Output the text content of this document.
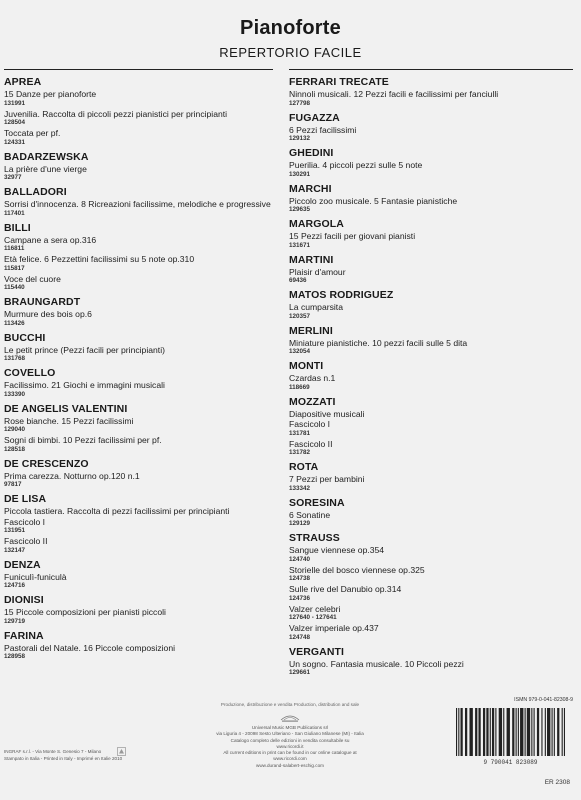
Pianoforte
REPERTORIO FACILE
APREA
15 Danze per pianoforte
131991
Juvenilia. Raccolta di piccoli pezzi pianistici per principianti
128504
Toccata per pf.
124331
BADARZEWSKA
La prière d'une vierge
32977
BALLADORI
Sorrisi d'innocenza. 8 Ricreazioni facilissime, melodiche e progressive
117401
BILLI
Campane a sera op.316
116811
Età felice. 6 Pezzettini facilissimi su 5 note op.310
115817
Voce del cuore
115440
BRAUNGARDT
Murmure des bois op.6
113426
BUCCHI
Le petit prince (Pezzi facili per principianti)
131768
COVELLO
Facilissimo. 21 Giochi e immagini musicali
133390
DE ANGELIS VALENTINI
Rose bianche. 15 Pezzi facilissimi
129040
Sogni di bimbi. 10 Pezzi facilissimi per pf.
128518
DE CRESCENZO
Prima carezza. Notturno op.120 n.1
97817
DE LISA
Piccola tastiera. Raccolta di pezzi facilissimi per principianti
Fascicolo I
131951
Fascicolo II
132147
DENZA
Funiculì-funiculà
124716
DIONISI
15 Piccole composizioni per pianisti piccoli
129719
FARINA
Pastorali del Natale. 16 Piccole composizioni
128958
FERRARI TRECATE
Ninnoli musicali. 12 Pezzi facili e facilissimi per fanciulli
127798
FUGAZZA
6 Pezzi facilissimi
129132
GHEDINI
Puerilia. 4 piccoli pezzi sulle 5 note
130291
MARCHI
Piccolo zoo musicale. 5 Fantasie pianistiche
129635
MARGOLA
15 Pezzi facili per giovani pianisti
131671
MARTINI
Plaisir d'amour
69436
MATOS RODRIGUEZ
La cumparsita
120357
MERLINI
Miniature pianistiche. 10 pezzi facili sulle 5 dita
132054
MONTI
Czardas n.1
118669
MOZZATI
Diapositive musicali
Fascicolo I
131781
Fascicolo II
131782
ROTA
7 Pezzi per bambini
133342
SORESINA
6 Sonatine
129129
STRAUSS
Sangue viennese op.354
124740
Storielle del bosco viennese op.325
124738
Sulle rive del Danubio op.314
124736
Valzer celebri
127640 - 127641
Valzer imperiale op.437
124748
VERGANTI
Un sogno. Fantasia musicale. 10 Piccoli pezzi
129661
Produzione, distribuzione e vendita Production, distribution and sale
Universal Music MGB Publications srl
via Liguria 4 - 20098 Sesto Ulteriano - San Giuliano Milanese (MI) - Italia
Catalogo completo delle edizioni in vendita consultabile su
www.ricordi.it
All current editions in print can be found in our online catalogue at
www.ricordi.com
www.durand-salabert-eschig.com
INGRAF s.r.l. - Via Monte S. Genesio 7 - Milano
Stampato in Italia - Printed in Italy - Imprimé en Italie 2010
ISMN 979-0-041-82308-9
9 790041 823089
ER 2308
